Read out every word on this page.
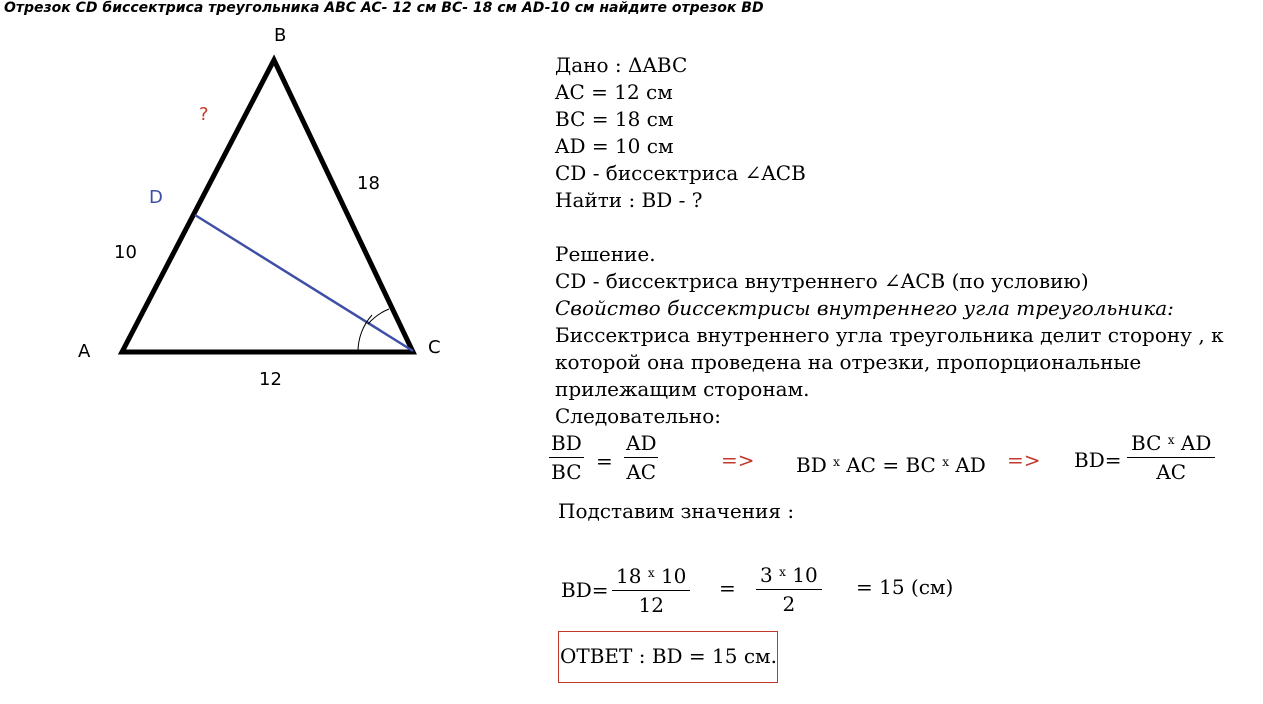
Отрезок CD биссектриса треугольника ABC AC- 12 см BC- 18 см AD-10 см найдите отрезок BD
B
A	C
D
?
18
10
12
Дано : ΔABC
AC = 12 см
BC = 18 см
AD = 10 см
CD - биссектриса ∠ACB
Найти : BD - ?
Решение.
CD - биссектриса внутреннего ∠ACB (по условию)
Свойство биссектрисы внутреннего угла треугольника:
Биссектриса внутреннего угла треугольника делит сторону , к
которой она проведена на отрезки, пропорциональные
прилежащим сторонам.
Следовательно:
$\frac{BD}{BC} = \frac{AD}{AC}$	=> BD $^x$ AC = BC $^x$ AD => $BD= \frac{BC ^x AD}{AC}$
Подставим значения :
$BD= \frac{18 ^x 10}{12} = \frac{3 ^x 10}{2} = 15$ (см)
ОТВЕТ : BD = 15 см.
